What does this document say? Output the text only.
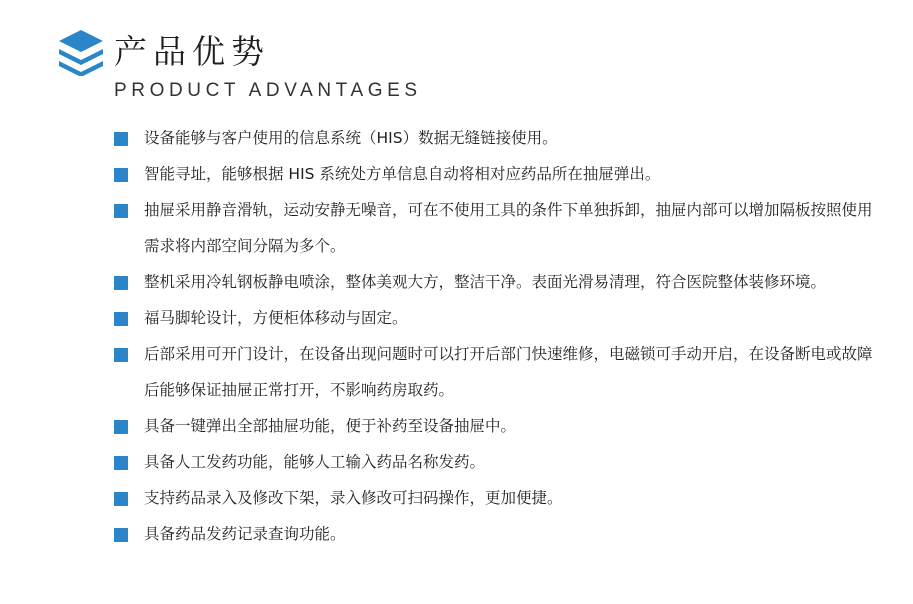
产品优势
PRODUCT ADVANTAGES
设备能够与客户使用的信息系统（HIS）数据无缝链接使用。
智能寻址，能够根据 HIS 系统处方单信息自动将相对应药品所在抽屉弹出。
抽屉采用静音滑轨，运动安静无噪音，可在不使用工具的条件下单独拆卸，抽屉内部可以增加隔板按照使用需求将内部空间分隔为多个。
整机采用冷轧钢板静电喷涂，整体美观大方，整洁干净。表面光滑易清理，符合医院整体装修环境。
福马脚轮设计，方便柜体移动与固定。
后部采用可开门设计，在设备出现问题时可以打开后部门快速维修，电磁锁可手动开启，在设备断电或故障后能够保证抽屉正常打开，不影响药房取药。
具备一键弹出全部抽屉功能，便于补药至设备抽屉中。
具备人工发药功能，能够人工输入药品名称发药。
支持药品录入及修改下架，录入修改可扫码操作，更加便捷。
具备药品发药记录查询功能。
